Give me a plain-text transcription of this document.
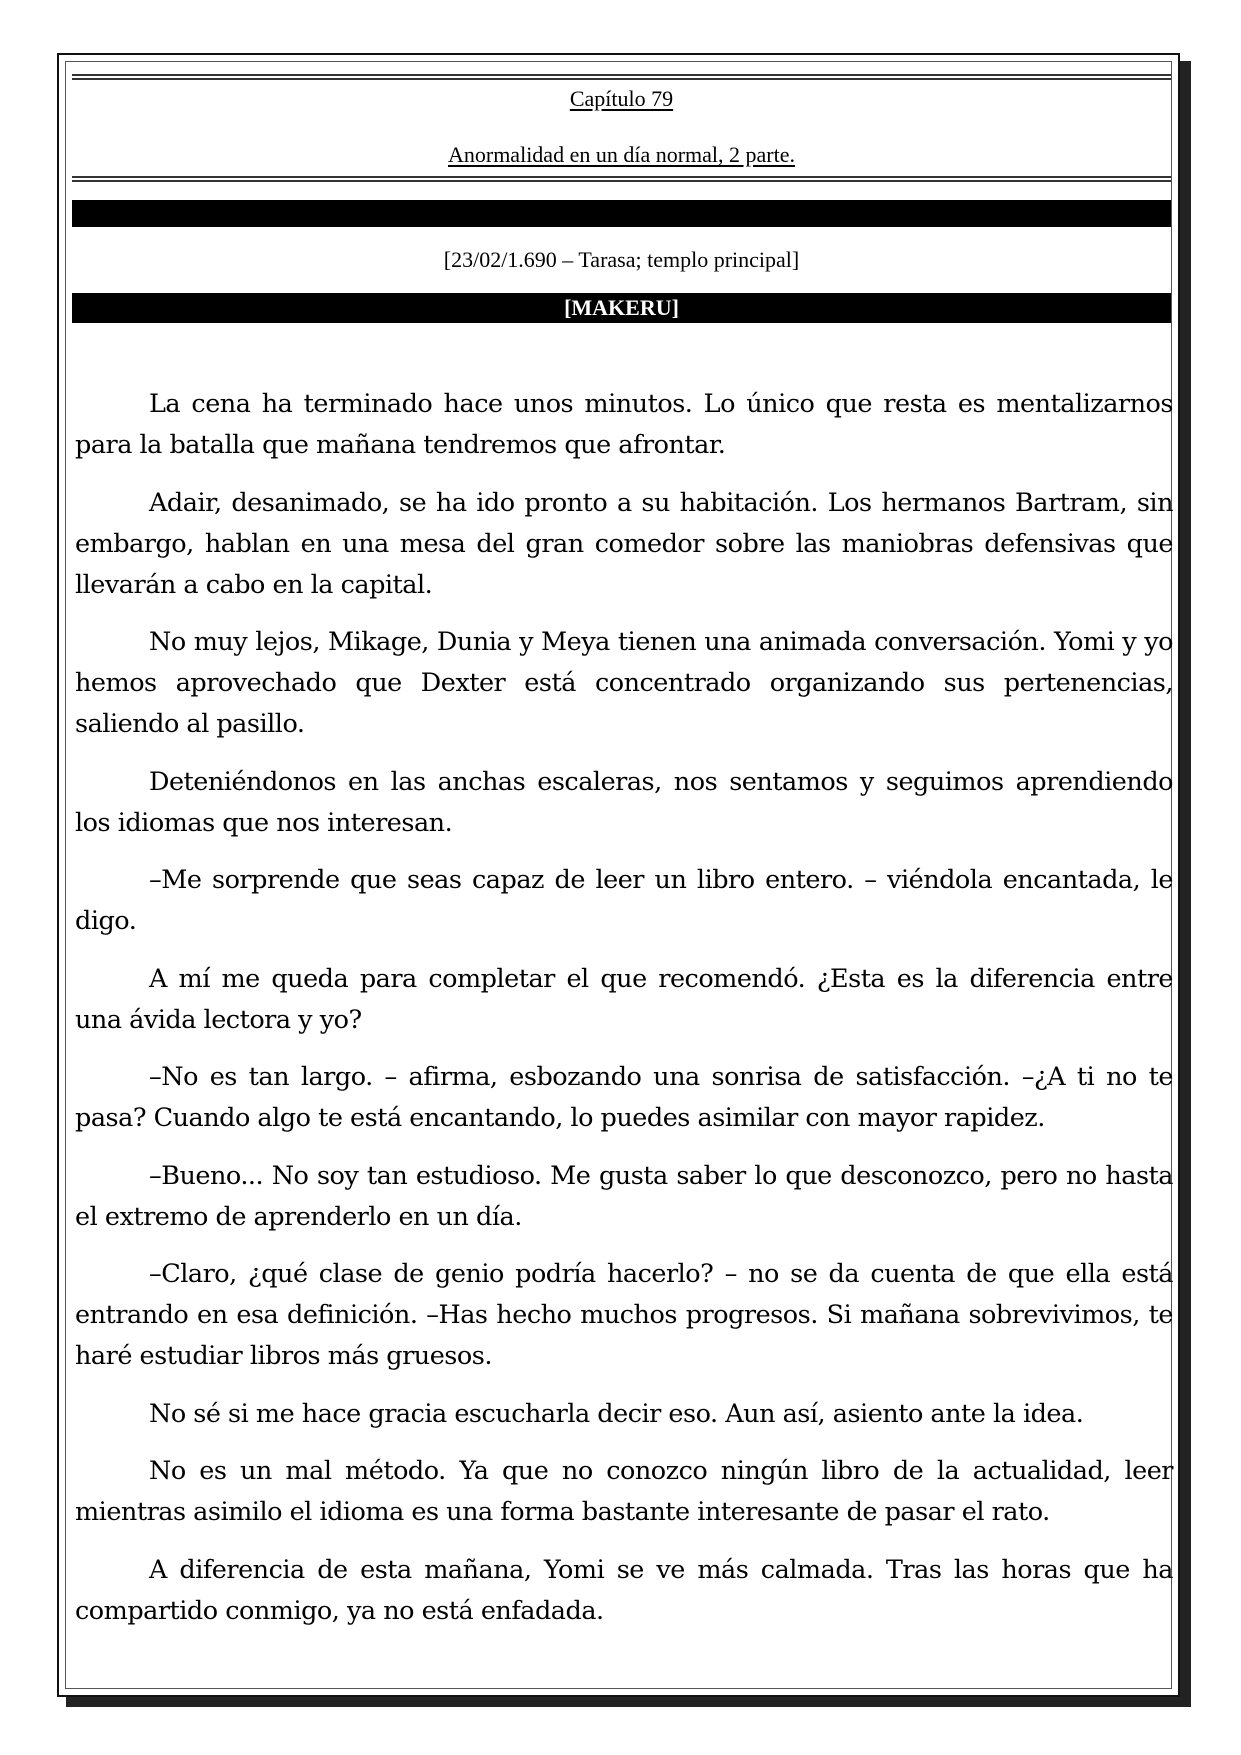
Capítulo 79
Anormalidad en un día normal, 2 parte.
[23/02/1.690 – Tarasa; templo principal]
[MAKERU]

La cena ha terminado hace unos minutos. Lo único que resta es mentalizarnos para la batalla que mañana tendremos que afrontar.

Adair, desanimado, se ha ido pronto a su habitación. Los hermanos Bartram, sin embargo, hablan en una mesa del gran comedor sobre las maniobras defensivas que llevarán a cabo en la capital.

No muy lejos, Mikage, Dunia y Meya tienen una animada conversación. Yomi y yo hemos aprovechado que Dexter está concentrado organizando sus pertenencias, saliendo al pasillo.

Deteniéndonos en las anchas escaleras, nos sentamos y seguimos aprendiendo los idiomas que nos interesan.

–Me sorprende que seas capaz de leer un libro entero. – viéndola encantada, le digo.

A mí me queda para completar el que recomendó. ¿Esta es la diferencia entre una ávida lectora y yo?

–No es tan largo. – afirma, esbozando una sonrisa de satisfacción. –¿A ti no te pasa? Cuando algo te está encantando, lo puedes asimilar con mayor rapidez.

–Bueno... No soy tan estudioso. Me gusta saber lo que desconozco, pero no hasta el extremo de aprenderlo en un día.

–Claro, ¿qué clase de genio podría hacerlo? – no se da cuenta de que ella está entrando en esa definición. –Has hecho muchos progresos. Si mañana sobrevivimos, te haré estudiar libros más gruesos.

No sé si me hace gracia escucharla decir eso. Aun así, asiento ante la idea.

No es un mal método. Ya que no conozco ningún libro de la actualidad, leer mientras asimilo el idioma es una forma bastante interesante de pasar el rato.

A diferencia de esta mañana, Yomi se ve más calmada. Tras las horas que ha compartido conmigo, ya no está enfadada.
